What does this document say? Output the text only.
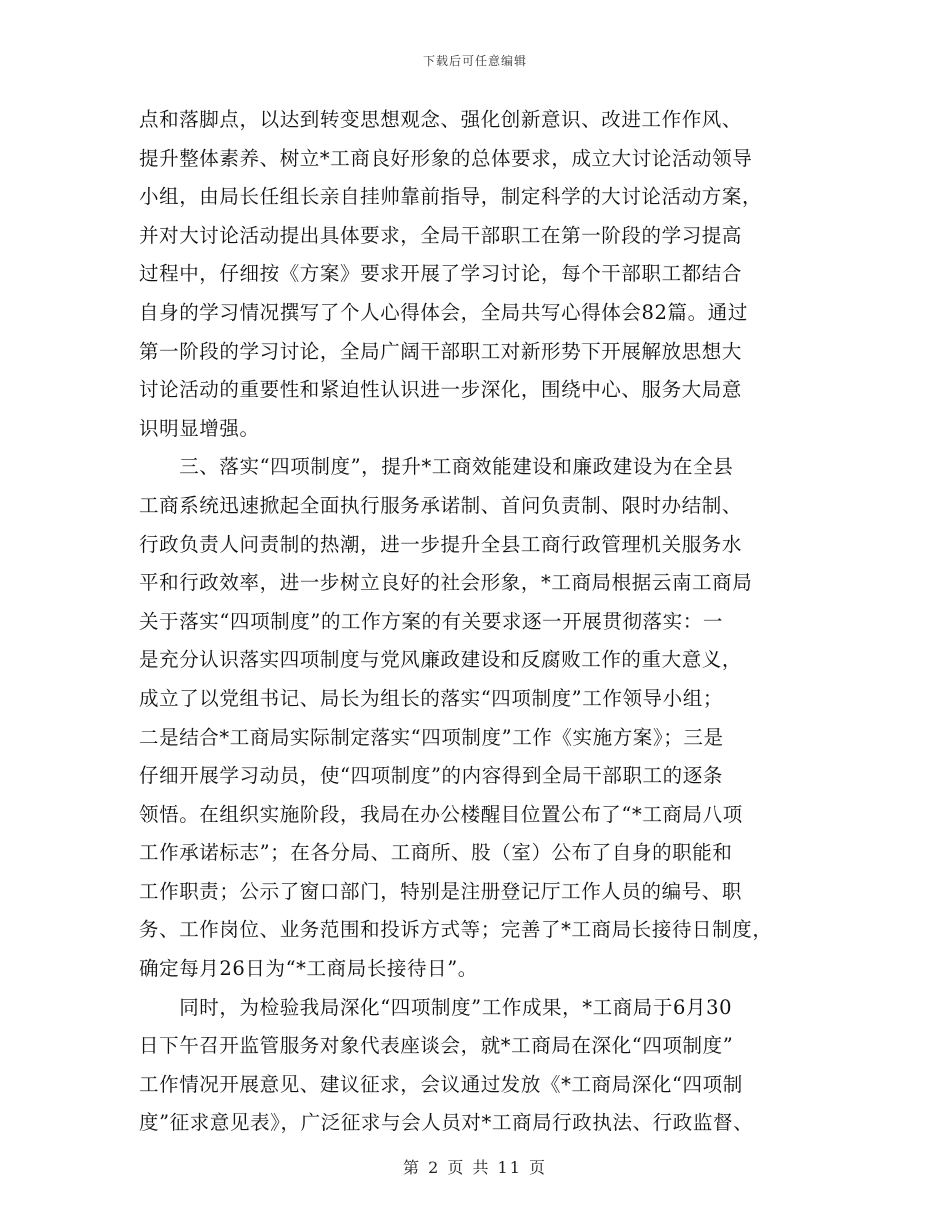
下载后可任意编辑
点和落脚点，以达到转变思想观念、强化创新意识、改进工作作风、
提升整体素养、树立*工商良好形象的总体要求，成立大讨论活动领导
小组，由局长任组长亲自挂帅靠前指导，制定科学的大讨论活动方案，
并对大讨论活动提出具体要求，全局干部职工在第一阶段的学习提高
过程中，仔细按《方案》要求开展了学习讨论，每个干部职工都结合
自身的学习情况撰写了个人心得体会，全局共写心得体会82篇。通过
第一阶段的学习讨论，全局广阔干部职工对新形势下开展解放思想大
讨论活动的重要性和紧迫性认识进一步深化，围绕中心、服务大局意
识明显增强。
　　三、落实“四项制度”，提升*工商效能建设和廉政建设为在全县
工商系统迅速掀起全面执行服务承诺制、首问负责制、限时办结制、
行政负责人问责制的热潮，进一步提升全县工商行政管理机关服务水
平和行政效率，进一步树立良好的社会形象，*工商局根据云南工商局
关于落实“四项制度”的工作方案的有关要求逐一开展贯彻落实：一
是充分认识落实四项制度与党风廉政建设和反腐败工作的重大意义，
成立了以党组书记、局长为组长的落实“四项制度”工作领导小组；
二是结合*工商局实际制定落实“四项制度”工作《实施方案》；三是
仔细开展学习动员，使“四项制度”的内容得到全局干部职工的逐条
领悟。在组织实施阶段，我局在办公楼醒目位置公布了“*工商局八项
工作承诺标志”；在各分局、工商所、股（室）公布了自身的职能和
工作职责；公示了窗口部门，特别是注册登记厅工作人员的编号、职
务、工作岗位、业务范围和投诉方式等；完善了*工商局长接待日制度，
确定每月26日为“*工商局长接待日”。
　　同时，为检验我局深化“四项制度”工作成果，*工商局于6月30
日下午召开监管服务对象代表座谈会，就*工商局在深化“四项制度”
工作情况开展意见、建议征求，会议通过发放《*工商局深化“四项制
度”征求意见表》，广泛征求与会人员对*工商局行政执法、行政监督、
第 2 页 共 11 页
